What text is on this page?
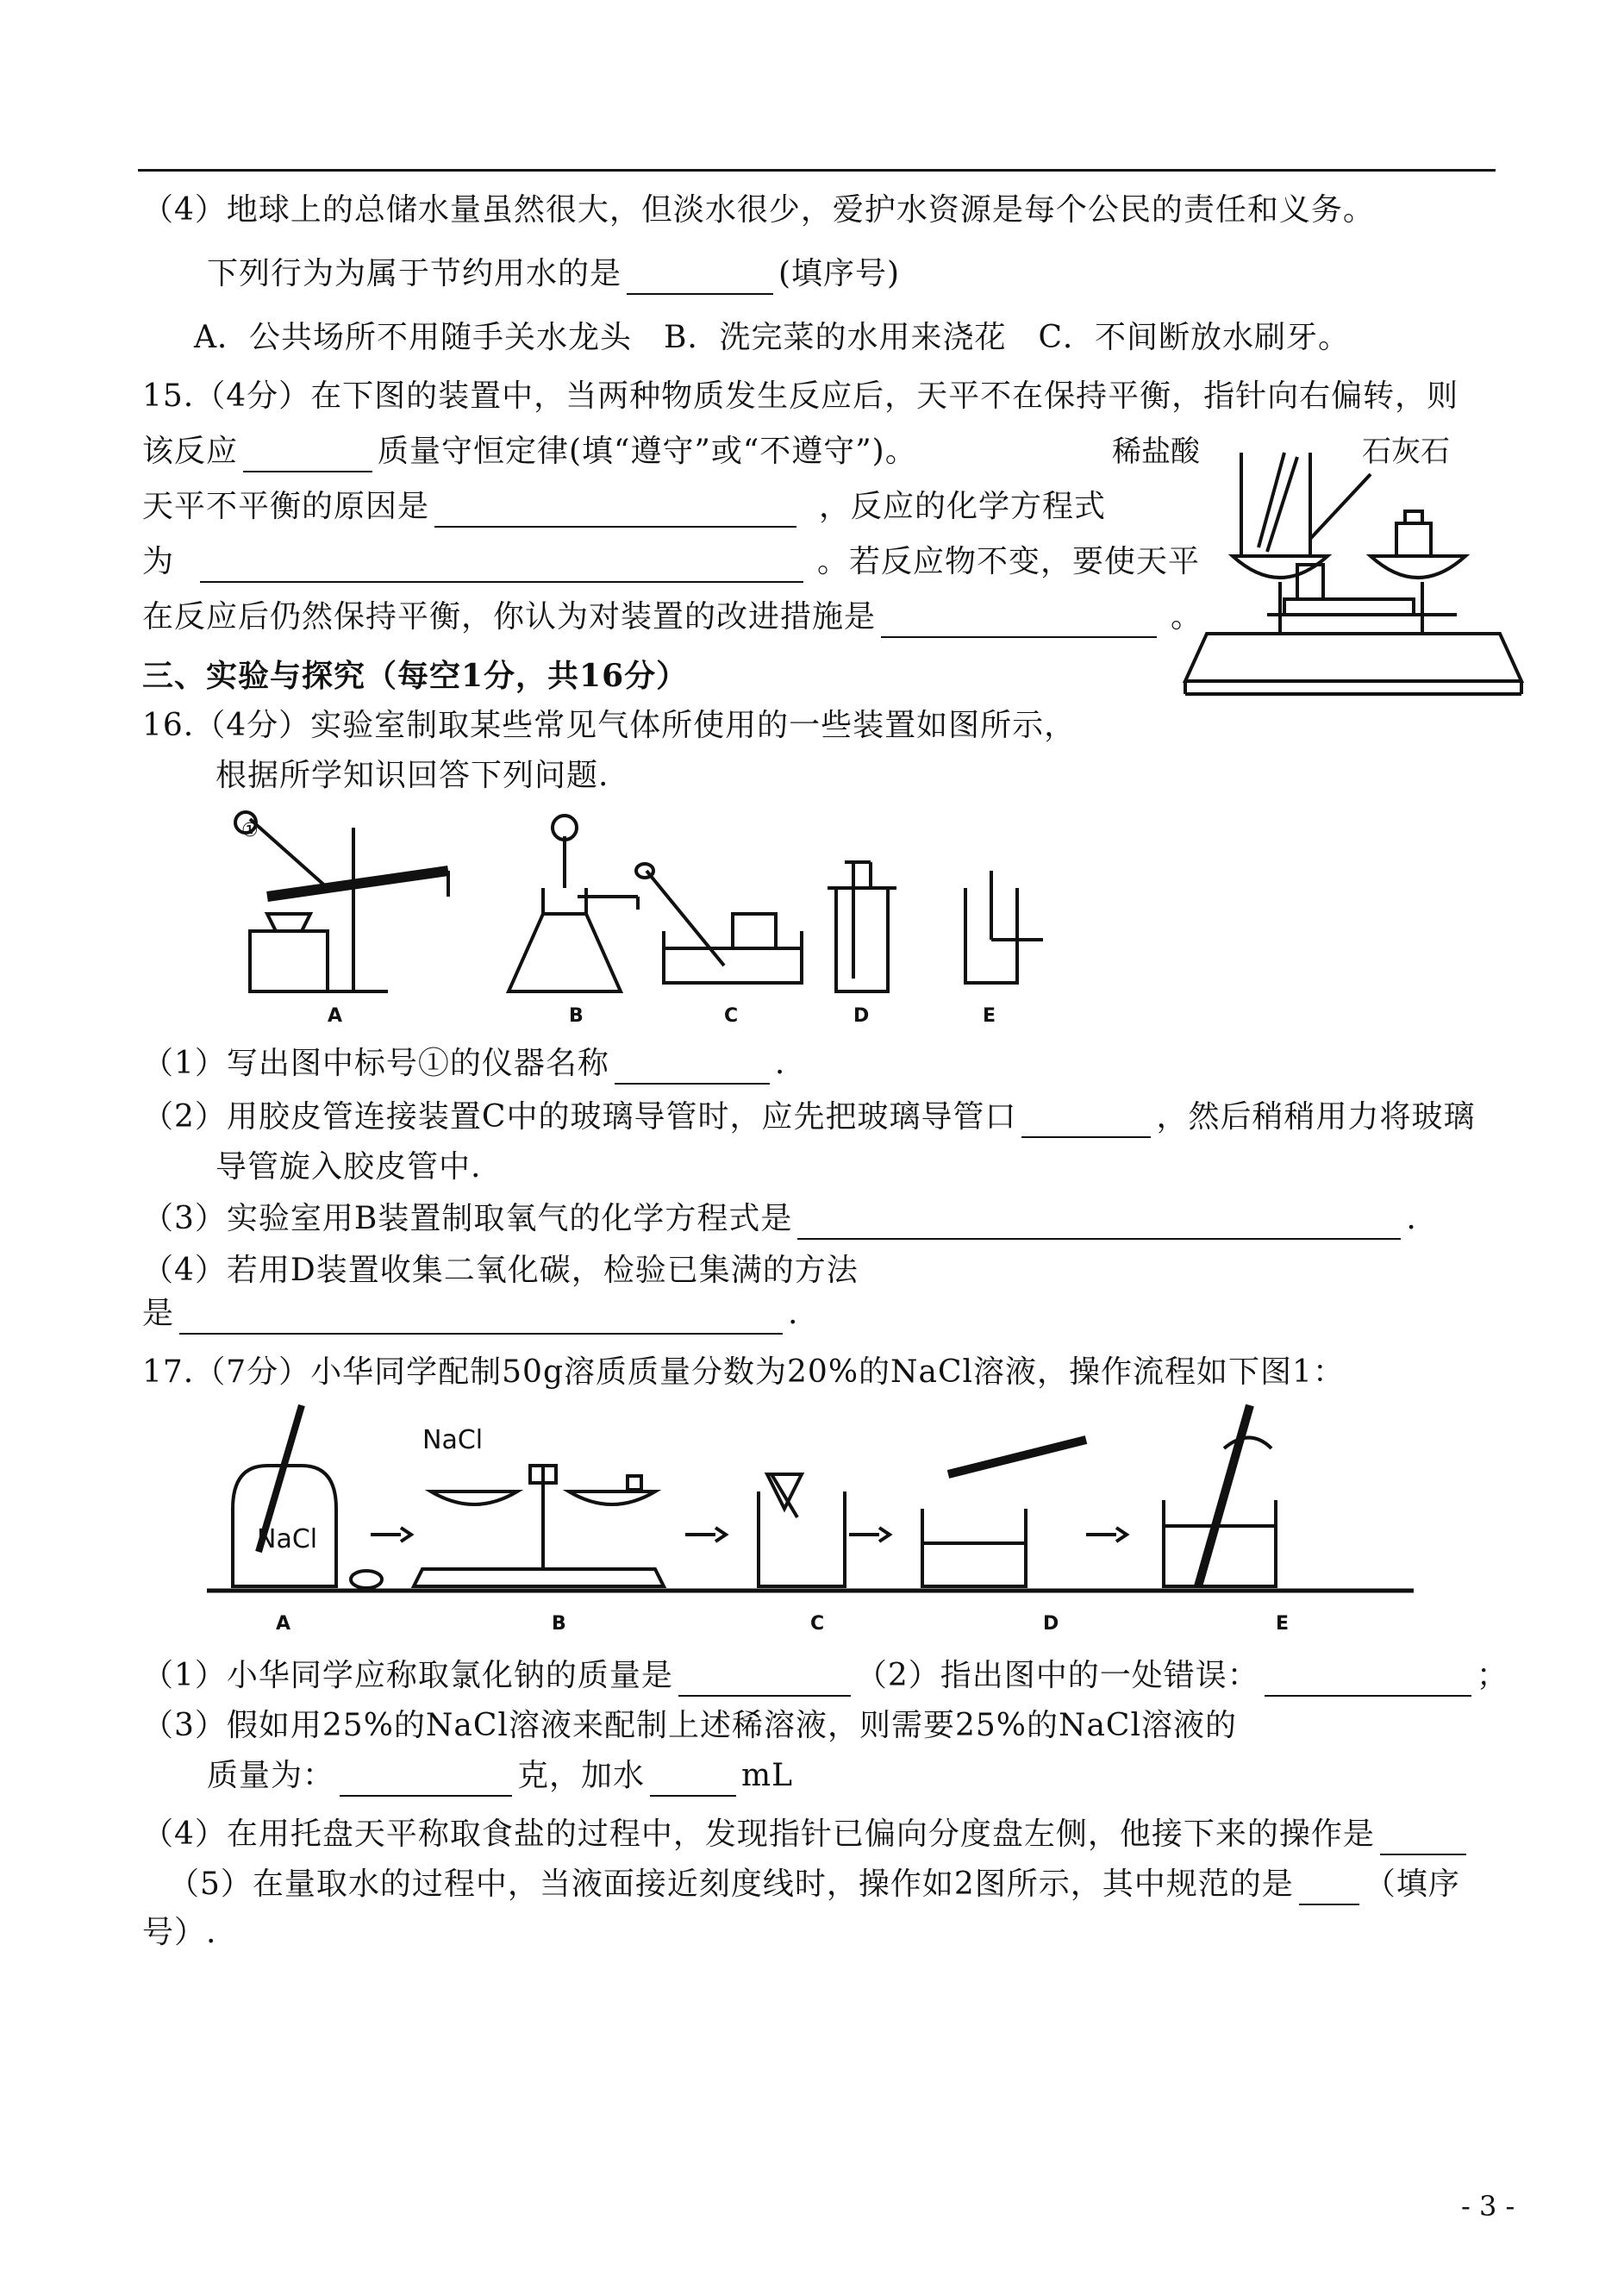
（4）地球上的总储水量虽然很大，但淡水很少，爱护水资源是每个公民的责任和义务。
下列行为为属于节约用水的是	(填序号)
A．公共场所不用随手关水龙头　B．洗完菜的水用来浇花　C．不间断放水刷牙。
15.（4分）在下图的装置中，当两种物质发生反应后，天平不在保持平衡，指针向右偏转，则
该反应	质量守恒定律(填“遵守”或“不遵守”)。
天平不平衡的原因是	，反应的化学方程式
为	。若反应物不变，要使天平
在反应后仍然保持平衡，你认为对装置的改进措施是	。
稀盐酸	石灰石
三、实验与探究（每空1分，共16分）
16.（4分）实验室制取某些常见气体所使用的一些装置如图所示，
根据所学知识回答下列问题.
①
A	B	C	D	E
（1）写出图中标号①的仪器名称	.
（2）用胶皮管连接装置C中的玻璃导管时，应先把玻璃导管口	，然后稍稍用力将玻璃
导管旋入胶皮管中.
（3）实验室用B装置制取氧气的化学方程式是	.
（4）若用D装置收集二氧化碳，检验已集满的方法
是	.
17.（7分）小华同学配制50g溶质质量分数为20%的NaCl溶液，操作流程如下图1：
NaCl
NaCl
A	B	C	D	E
（1）小华同学应称取氯化钠的质量是	（2）指出图中的一处错误：	；
（3）假如用25%的NaCl溶液来配制上述稀溶液，则需要25%的NaCl溶液的
质量为：	克，加水	mL
（4）在用托盘天平称取食盐的过程中，发现指针已偏向分度盘左侧，他接下来的操作是
（5）在量取水的过程中，当液面接近刻度线时，操作如2图所示，其中规范的是 （填序
号）.
- 3 -
